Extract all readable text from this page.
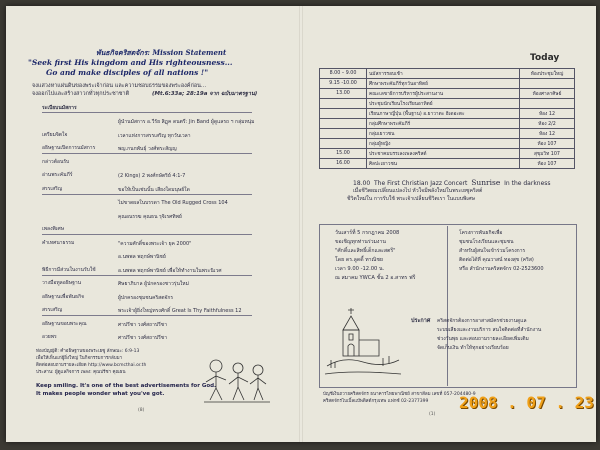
พันธกิจคริสตจักร: Mission Statement
"Seek first His kingdom and His righteousness...
Go and make disciples of all nations !"
จงแสวงหาแผ่นดินของพระเจ้าก่อน และความชอบธรรมของพระองค์ก่อน...
จงออกไปและสร้างสาวกทั่วทุกประชาชาติ	(Mt.6:33a; 28:19a จาก ฉบับมาตรฐาน)
ระเบียบนมัสการ
ผู้นำนมัสการ อ.วีรัย สิฏุค ดนตรี: Jin Band ผู้ดูแลรถ ฯ กลุ่มหนุ่ม
เตรียมจิตใจ	เวลาแห่งการสรรเสริญ ทุกวันเวลา
อธิษฐานเปิดการนมัสการ	พญ.กนกพันธุ์ วงศ์พระสัญญ
กล่าวต้อนรับ
อ่านพระคัมภีร์	(2 Kings) 2 พงศ์กษัตริย์ 4:1-7
สรรเสริญ	ขอให้เป็นเช่นนั้น เสียงใดมนุษย์ใด
ไม่ขาดผลในบรรดา The Old Rugged Cross 104
คุณอนรรฆ คุณธน รุจิเรศทิพย์
เพลงพิเศษ
คำเทศนาธรรม	"ความศักดิ์ของพระเจ้า ยุค 2000"
อ.นพพล พฤกษ์พานิชย์
พิธีการมีส่วนในงานรับใช้	อ.นพพล พฤกษ์พานิชย์ เพื่อให้ทำงานในพระนิเวศ
วางมือทูลอธิษฐาน	ศิษยาภิบาล ผู้ปกครองชาวรุ่นใหม่
อธิษฐานเพื่อพันธกิจ	ผู้ปกครองชุมชนคริสตจักร
สรรเสริญ	พระเจ้าผู้ยิ่งใหญ่ทรงศักดิ์ Great Is Thy Faithfulness 12
อธิษฐานขอบพระคุณ	ศาปรีชา วงศ์สถาปรีชา
อวยพร	ศาปรีชา วงศ์สถาปรีชา
ท่องบัญญัติ: คำอธิษฐานของพระเยซู ลักษณะ: 6:9-13
เพื่อให้เห็นแก่ผู้ยิ่งใหญ่ ในกิจกรรมการกลับมา
ติดต่อสอบถามรายละเอียด http://www.bcmcthai.or.th
ประสาน: ผู้ดูแลกิจการ เพลง: คุณปรีชา คุณธน
Keep smiling. It's one of the best advertisements for God.
It makes people wonder what you've got.
(8)
Today
8.00 – 9.00	นมัสการรอบเช้า	ห้องประชุมใหญ่
9.15 -10.00	ศึกษาพระคัมภีร์ทุกวันอาทิตย์	
13.00	คณะเลขาธิการบริหารผู้ประสานงาน	ห้องศาลาศิษย์
	ประชุมนักเรียนโรงเรียนอาทิตย์	
	เรียนภาษาญี่ปุ่น (พื้นฐาน) อ.ยาวาตะ ฮิเดอะตะ	ห้อง 12
	กลุ่มศึกษาพระคัมภีร์	ห้อง 2/2
	กลุ่มเยาวชน	ห้อง 12
	กลุ่มผู้หญิง	ห้อง 107
15.00	ประชาคมบรรเลงเพลงคริสต์	สุขุมวิท 107
16.00	ศิลปะเยาวชน	ห้อง 107
18.00 The First Christian Jazz Concert Sunrise In the darkness
เมื่อชีวิตผมเปลี่ยนแปลงไป หัวใจมีพลังใหม่ในพระเยซูคริสต์
ชีวิตใหม่ใน การรับใช้ พระเจ้าเปลี่ยนชีวิตเรา ในแบบพิเศษ
วันเสาร์ที่ 5 กรกฎาคม 2008
ขอเชิญทุกท่านร่วมงาน
"ศักดิ์และสิทธิ์เด็กและสตรี"
โดย ดร.ลูดดี้ ทาณิชย
เวลา 9.00 -12.00 น.
ณ สมาคม YWCA ชั้น 2 อ.สาทร ฟรี
โครงการพันธกิจเพื่อ
ชุมชนโรงเรียนและชุมชน
สำหรับผู้สนใจเข้าร่วมโครงการ
ติดต่อได้ที่ คุณวาสน์ ทองสุข (คริส)
หรือ สำนักงานคริสตจักร 02-2523600
ประกาศ คริสตจักรต้องการอาสาสมัครช่วยงานดูแล
ระบบเสียงและงานบริการ สนใจติดต่อที่สำนักงาน
ช่วงวันพุธ และสอบถามรายละเอียดเพิ่มเติม
จัดเก็บเงิน ทำให้ทุกอย่างเรียบร้อย
บัญชีเงินถวายคริสตจักร ธนาคารไทยพาณิชย์ สาขาสีลม เลขที่ 057-204480-9
คริสตจักรไบเบิ้ลแบ๊พติสต์กรุงเทพ แฟกซ์ 02-2377399
(1)
2008 . 07 . 23
